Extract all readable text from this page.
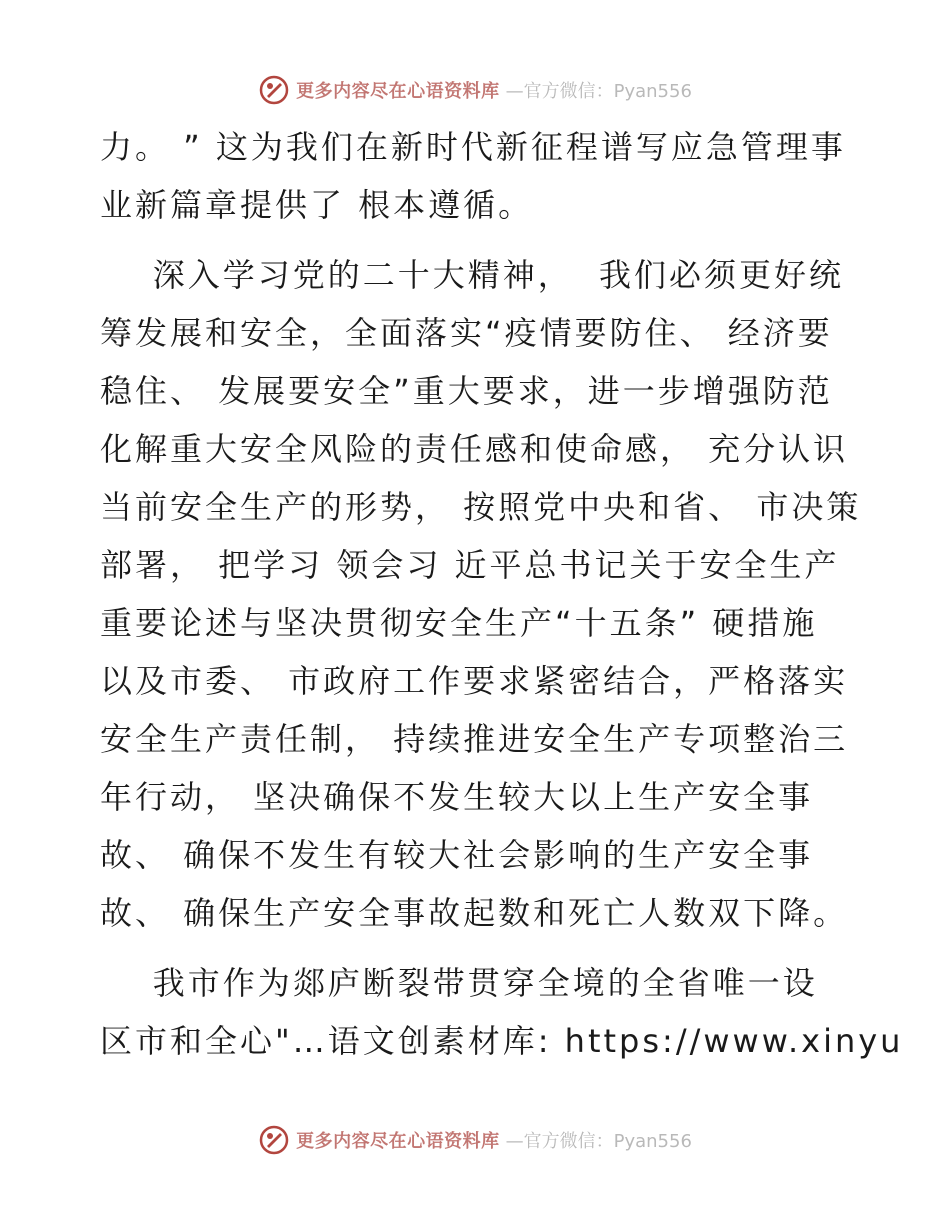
更多内容尽在心语资料库 —官方微信：Pyan556
力。 ” 这为我们在新时代新征程谱写应急管理事
业新篇章提供了 根本遵循。
深入学习党的二十大精神，  我们必须更好统
筹发展和安全，全面落实“疫情要防住、 经济要
稳住、 发展要安全”重大要求，进一步增强防范
化解重大安全风险的责任感和使命感， 充分认识
当前安全生产的形势， 按照党中央和省、 市决策
部署， 把学习 领会习 近平总书记关于安全生产
重要论述与坚决贯彻安全生产“十五条” 硬措施
以及市委、 市政府工作要求紧密结合，严格落实
安全生产责任制， 持续推进安全生产专项整治三
年行动， 坚决确保不发生较大以上生产安全事
故、 确保不发生有较大社会影响的生产安全事
故、 确保生产安全事故起数和死亡人数双下降。
我市作为郯庐断裂带贯穿全境的全省唯一设
区市和全心"…语文创素材库: https://www.xinyu
更多内容尽在心语资料库 —官方微信：Pyan556
